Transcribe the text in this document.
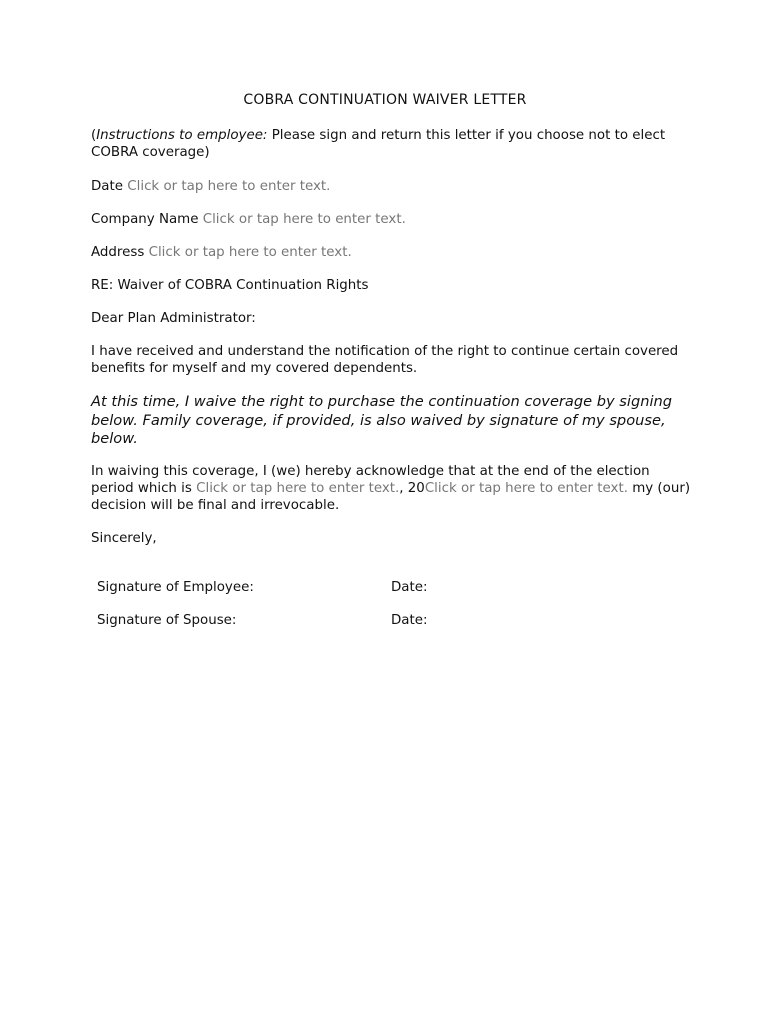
COBRA CONTINUATION WAIVER LETTER
(Instructions to employee: Please sign and return this letter if you choose not to elect COBRA coverage)
Date Click or tap here to enter text.
Company Name Click or tap here to enter text.
Address Click or tap here to enter text.
RE: Waiver of COBRA Continuation Rights
Dear Plan Administrator:
I have received and understand the notification of the right to continue certain covered benefits for myself and my covered dependents.
At this time, I waive the right to purchase the continuation coverage by signing below. Family coverage, if provided, is also waived by signature of my spouse, below.
In waiving this coverage, I (we) hereby acknowledge that at the end of the election period which is Click or tap here to enter text., 20Click or tap here to enter text. my (our) decision will be final and irrevocable.
Sincerely,
Signature of Employee:	Date:
Signature of Spouse:	Date:
